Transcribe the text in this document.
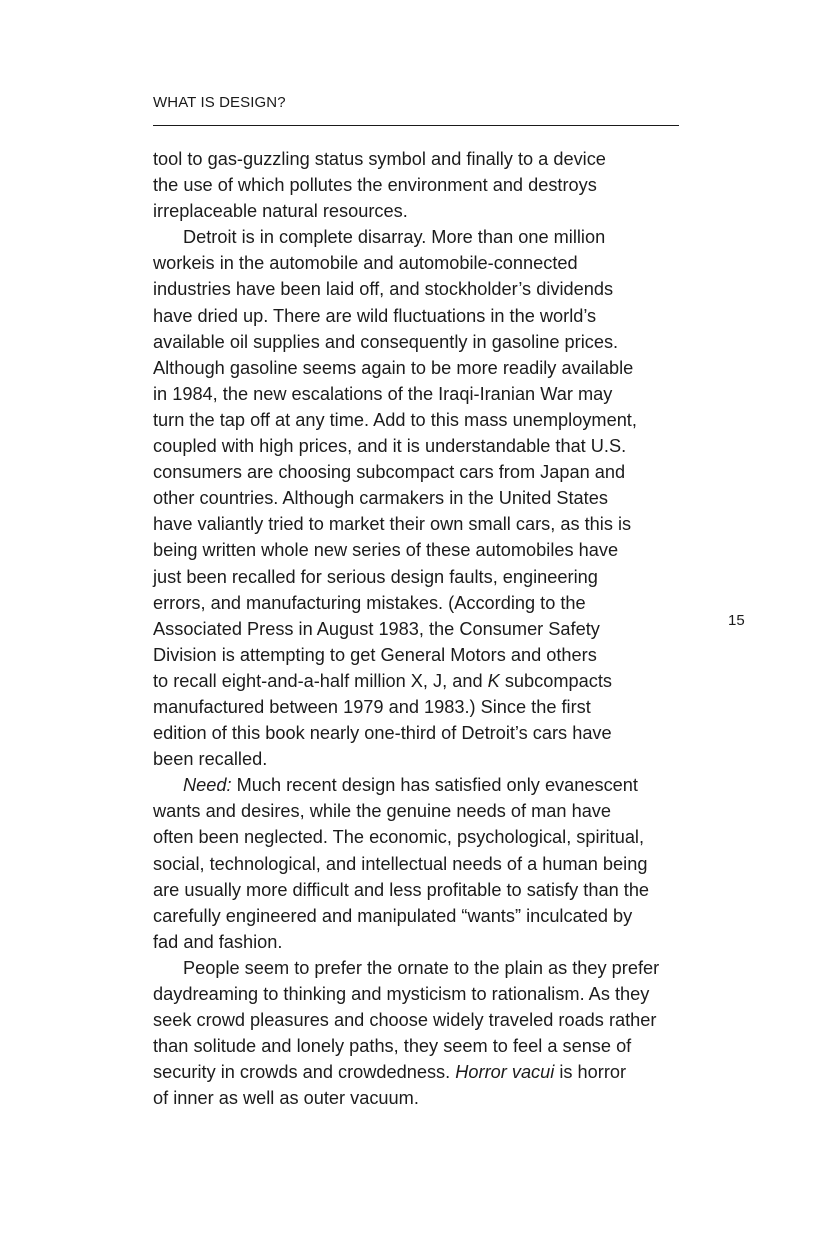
WHAT IS DESIGN?
tool to gas-guzzling status symbol and finally to a device
the use of which pollutes the environment and destroys
irreplaceable natural resources.
Detroit is in complete disarray. More than one million
workeis in the automobile and automobile-connected
industries have been laid off, and stockholder’s dividends
have dried up. There are wild fluctuations in the world’s
available oil supplies and consequently in gasoline prices.
Although gasoline seems again to be more readily available
in 1984, the new escalations of the Iraqi-Iranian War may
turn the tap off at any time. Add to this mass unemployment,
coupled with high prices, and it is understandable that U.S.
consumers are choosing subcompact cars from Japan and
other countries. Although carmakers in the United States
have valiantly tried to market their own small cars, as this is
being written whole new series of these automobiles have
just been recalled for serious design faults, engineering
errors, and manufacturing mistakes. (According to the
Associated Press in August 1983, the Consumer Safety
Division is attempting to get General Motors and others
to recall eight-and-a-half million X, J, and K subcompacts
manufactured between 1979 and 1983.) Since the first
edition of this book nearly one-third of Detroit’s cars have
been recalled.
Need: Much recent design has satisfied only evanescent
wants and desires, while the genuine needs of man have
often been neglected. The economic, psychological, spiritual,
social, technological, and intellectual needs of a human being
are usually more difficult and less profitable to satisfy than the
carefully engineered and manipulated “wants” inculcated by
fad and fashion.
People seem to prefer the ornate to the plain as they prefer
daydreaming to thinking and mysticism to rationalism. As they
seek crowd pleasures and choose widely traveled roads rather
than solitude and lonely paths, they seem to feel a sense of
security in crowds and crowdedness. Horror vacui is horror
of inner as well as outer vacuum.
15
